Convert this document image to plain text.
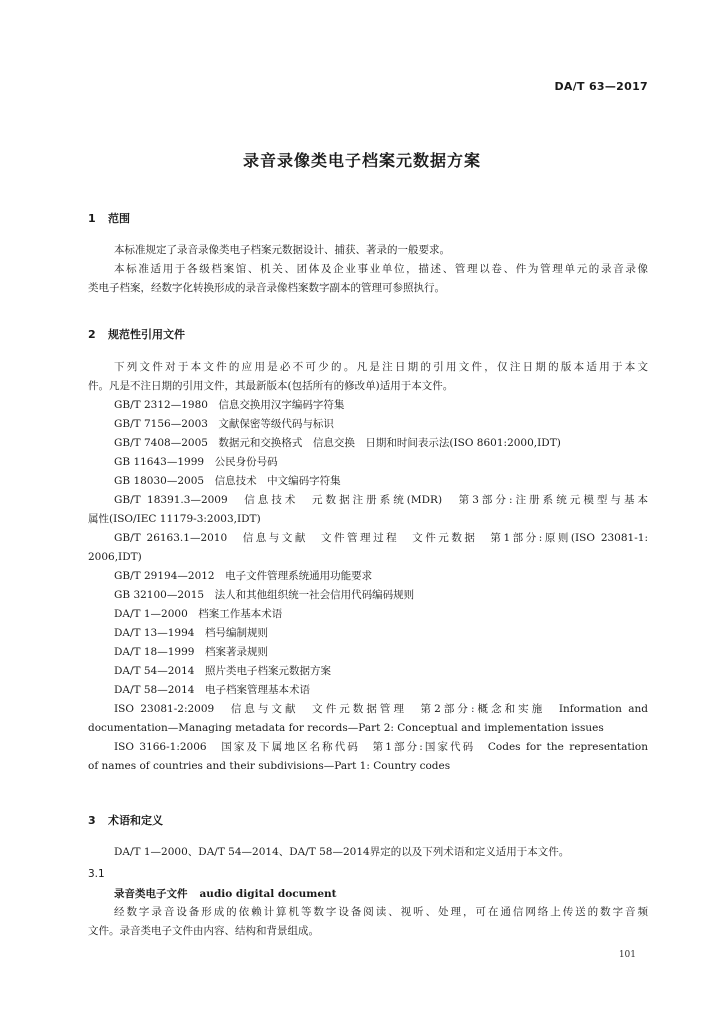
DA/T 63—2017
录音录像类电子档案元数据方案
1 范围
本标准规定了录音录像类电子档案元数据设计、捕获、著录的一般要求。
本标准适用于各级档案馆、机关、团体及企业事业单位，描述、管理以卷、件为管理单元的录音录像
类电子档案，经数字化转换形成的录音录像档案数字副本的管理可参照执行。
2 规范性引用文件
下列文件对于本文件的应用是必不可少的。凡是注日期的引用文件，仅注日期的版本适用于本文
件。凡是不注日期的引用文件，其最新版本(包括所有的修改单)适用于本文件。
GB/T 2312—1980　信息交换用汉字编码字符集
GB/T 7156—2003　文献保密等级代码与标识
GB/T 7408—2005　数据元和交换格式　信息交换　日期和时间表示法(ISO 8601:2000,IDT)
GB 11643—1999　公民身份号码
GB 18030—2005　信息技术　中文编码字符集
GB/T 18391.3—2009　信息技术　元数据注册系统(MDR)　第3部分:注册系统元模型与基本
属性(ISO/IEC 11179-3:2003,IDT)
GB/T 26163.1—2010　信息与文献　文件管理过程　文件元数据　第1部分:原则(ISO 23081-1:
2006,IDT)
GB/T 29194—2012　电子文件管理系统通用功能要求
GB 32100—2015　法人和其他组织统一社会信用代码编码规则
DA/T 1—2000　档案工作基本术语
DA/T 13—1994　档号编制规则
DA/T 18—1999　档案著录规则
DA/T 54—2014　照片类电子档案元数据方案
DA/T 58—2014　电子档案管理基本术语
ISO 23081-2:2009　信息与文献　文件元数据管理　第2部分:概念和实施　Information and
documentation—Managing metadata for records—Part 2: Conceptual and implementation issues
ISO 3166-1:2006　国家及下属地区名称代码　第1部分:国家代码　Codes for the representation
of names of countries and their subdivisions—Part 1: Country codes
3 术语和定义
DA/T 1—2000、DA/T 54—2014、DA/T 58—2014界定的以及下列术语和定义适用于本文件。
3.1
录音类电子文件 audio digital document
经数字录音设备形成的依赖计算机等数字设备阅读、视听、处理，可在通信网络上传送的数字音频
文件。录音类电子文件由内容、结构和背景组成。
101
